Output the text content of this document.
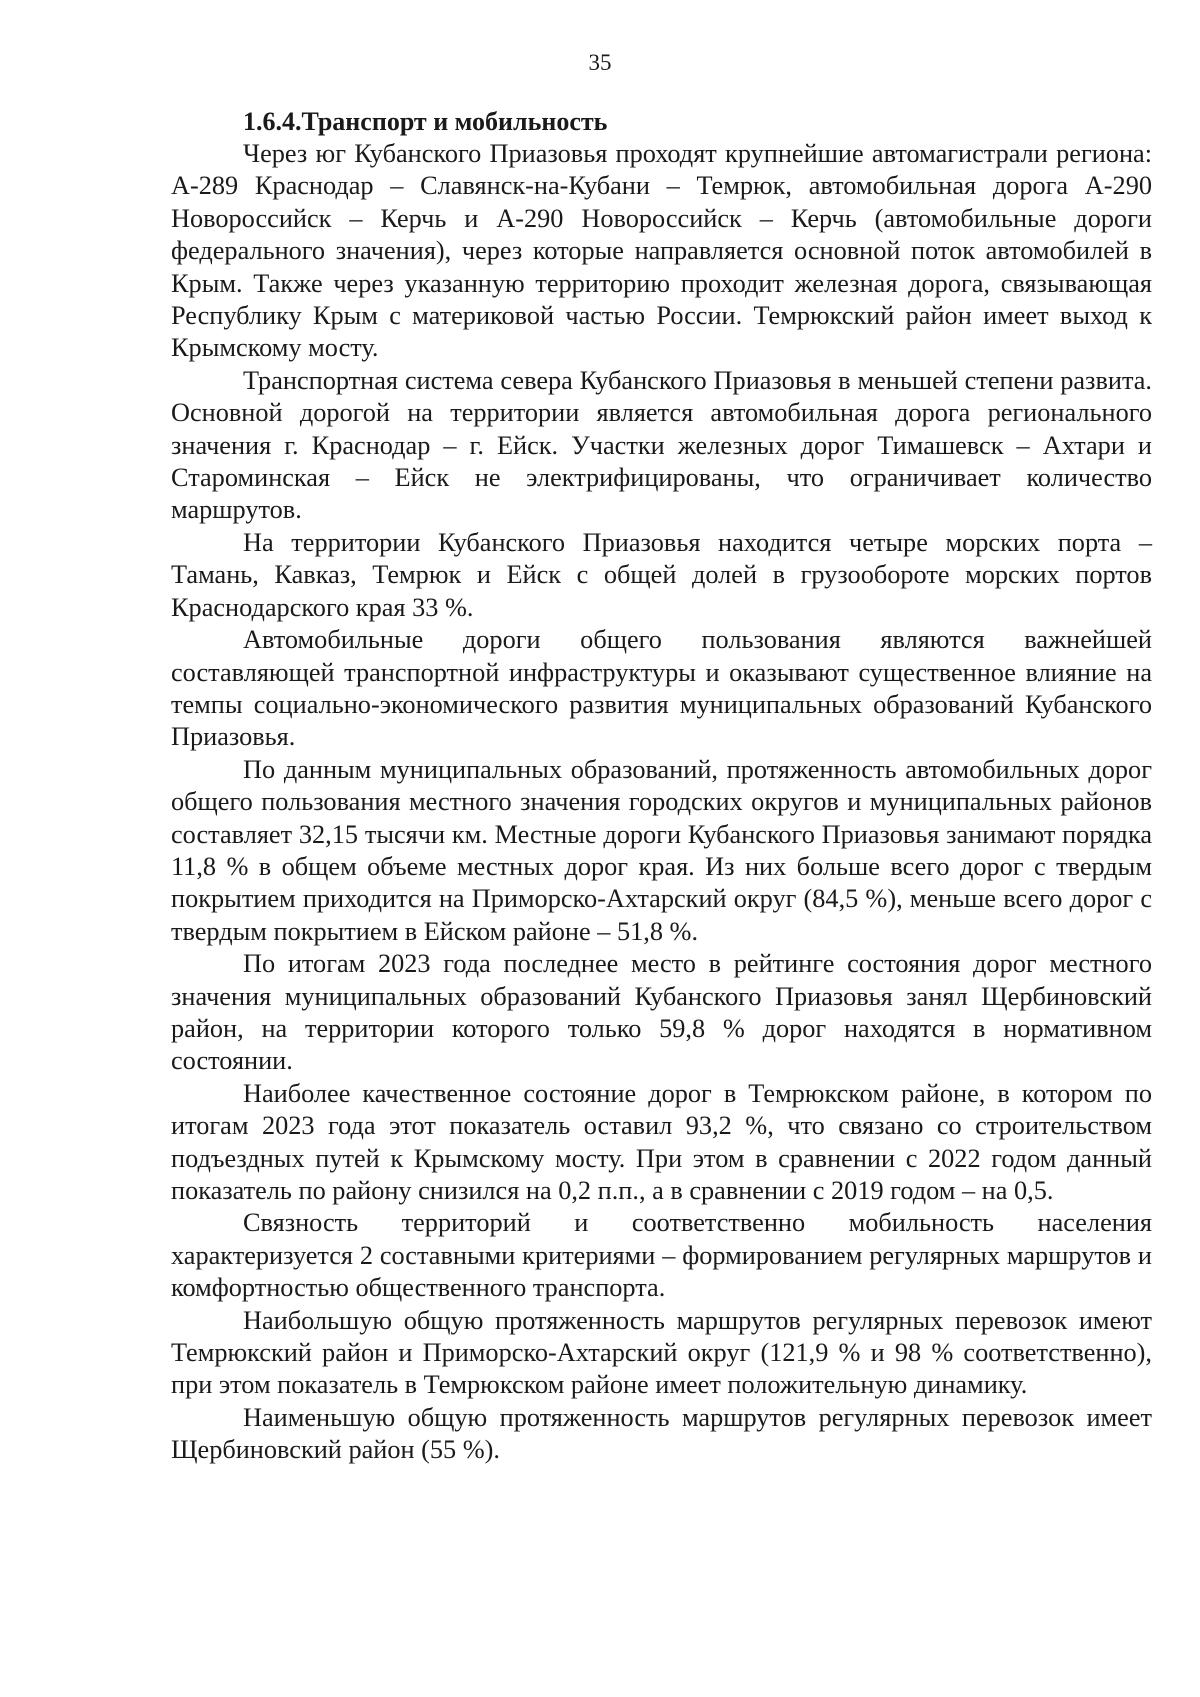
35

1.6.4.Транспорт и мобильность

Через юг Кубанского Приазовья проходят крупнейшие автомагистрали региона: А-289 Краснодар – Славянск-на-Кубани – Темрюк, автомобильная дорога А-290 Новороссийск – Керчь и А-290 Новороссийск – Керчь (автомобильные дороги федерального значения), через которые направляется основной поток автомобилей в Крым. Также через указанную территорию проходит железная дорога, связывающая Республику Крым с материковой частью России. Темрюкский район имеет выход к Крымскому мосту.

Транспортная система севера Кубанского Приазовья в меньшей степени развита. Основной дорогой на территории является автомобильная дорога регионального значения г. Краснодар – г. Ейск. Участки железных дорог Тимашевск – Ахтари и Староминская – Ейск не электрифицированы, что ограничивает количество маршрутов.

На территории Кубанского Приазовья находится четыре морских порта – Тамань, Кавказ, Темрюк и Ейск с общей долей в грузообороте морских портов Краснодарского края 33 %.

Автомобильные дороги общего пользования являются важнейшей составляющей транспортной инфраструктуры и оказывают существенное влияние на темпы социально-экономического развития муниципальных образований Кубанского Приазовья.

По данным муниципальных образований, протяженность автомобильных дорог общего пользования местного значения городских округов и муниципальных районов составляет 32,15 тысячи км. Местные дороги Кубанского Приазовья занимают порядка 11,8 % в общем объеме местных дорог края. Из них больше всего дорог с твердым покрытием приходится на Приморско-Ахтарский округ (84,5 %), меньше всего дорог с твердым покрытием в Ейском районе – 51,8 %.

По итогам 2023 года последнее место в рейтинге состояния дорог местного значения муниципальных образований Кубанского Приазовья занял Щербиновский район, на территории которого только 59,8 % дорог находятся в нормативном состоянии.

Наиболее качественное состояние дорог в Темрюкском районе, в котором по итогам 2023 года этот показатель оставил 93,2 %, что связано со строительством подъездных путей к Крымскому мосту. При этом в сравнении с 2022 годом данный показатель по району снизился на 0,2 п.п., а в сравнении с 2019 годом – на 0,5.

Связность территорий и соответственно мобильность населения характеризуется 2 составными критериями – формированием регулярных маршрутов и комфортностью общественного транспорта.

Наибольшую общую протяженность маршрутов регулярных перевозок имеют Темрюкский район и Приморско-Ахтарский округ (121,9 % и 98 % соответственно), при этом показатель в Темрюкском районе имеет положительную динамику.

Наименьшую общую протяженность маршрутов регулярных перевозок имеет Щербиновский район (55 %).
